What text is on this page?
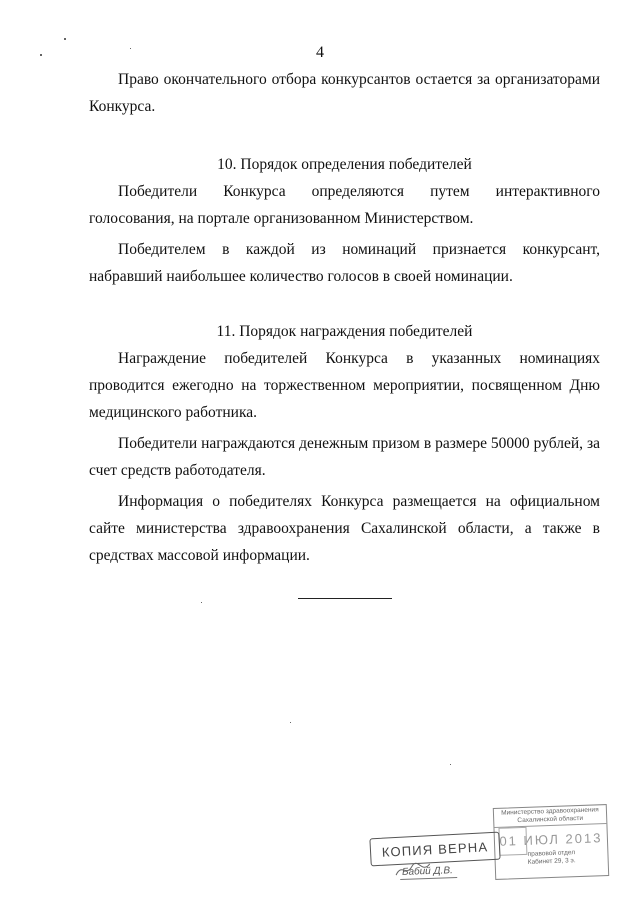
4

Право окончательного отбора конкурсантов остается за организаторами Конкурса.

10. Порядок определения победителей

Победители Конкурса определяются путем интерактивного голосования, на портале организованном Министерством.

Победителем в каждой из номинаций признается конкурсант, набравший наибольшее количество голосов в своей номинации.

11. Порядок награждения победителей

Награждение победителей Конкурса в указанных номинациях проводится ежегодно на торжественном мероприятии, посвященном Дню медицинского работника.

Победители награждаются денежным призом в размере 50000 рублей, за счет средств работодателя.

Информация о победителях Конкурса размещается на официальном сайте министерства здравоохранения Сахалинской области, а также в средствах массовой информации.

Министерство здравоохранения Сахалинской области
01 ИЮЛ 2013
правовой отдел
Кабинет 29, 3 э.
КОПИЯ ВЕРНА
Бабий Д.В.
